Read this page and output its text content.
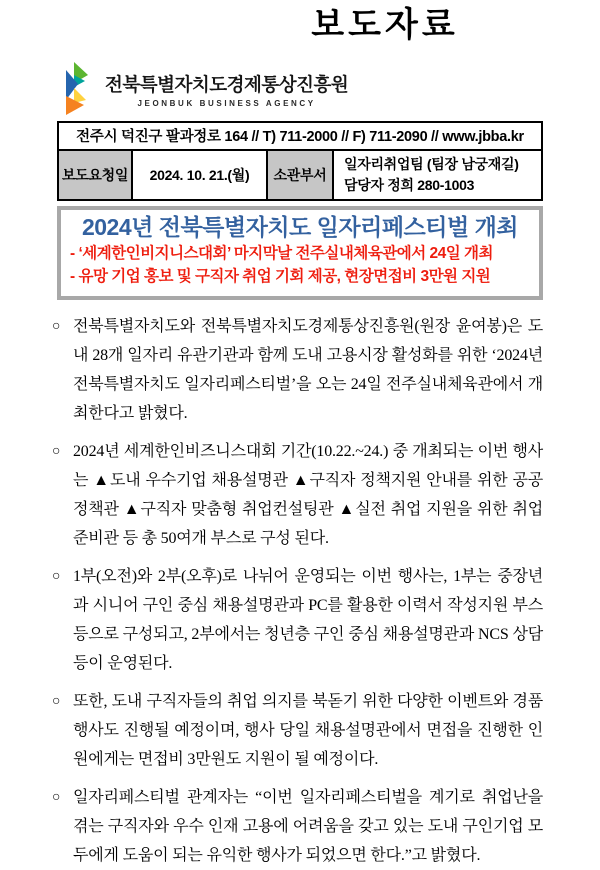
보도자료
전북특별자치도경제통상진흥원
JEONBUK BUSINESS AGENCY
전주시 덕진구 팔과정로 164 // T) 711-2000 // F) 711-2090 // www.jbba.kr
보도요청일	2024. 10. 21.(월)	소관부서
일자리취업팀 (팀장 남궁재길)
담당자 정희 280-1003
2024년 전북특별자치도 일자리페스티벌 개최
- ‘세계한인비지니스대회’ 마지막날 전주실내체육관에서 24일 개최
- 유망 기업 홍보 및 구직자 취업 기회 제공, 현장면접비 3만원 지원
○ 전북특별자치도와 전북특별자치도경제통상진흥원(원장 윤여봉)은 도내 28개 일자리 유관기관과 함께 도내 고용시장 활성화를 위한 ‘2024년 전북특별자치도 일자리페스티벌’을 오는 24일 전주실내체육관에서 개최한다고 밝혔다.
○ 2024년 세계한인비즈니스대회 기간(10.22.~24.) 중 개최되는 이번 행사는 ▲도내 우수기업 채용설명관 ▲구직자 정책지원 안내를 위한 공공정책관 ▲구직자 맞춤형 취업컨설팅관 ▲실전 취업 지원을 위한 취업준비관 등 총 50여개 부스로 구성 된다.
○ 1부(오전)와 2부(오후)로 나뉘어 운영되는 이번 행사는, 1부는 중장년과 시니어 구인 중심 채용설명관과 PC를 활용한 이력서 작성지원 부스 등으로 구성되고, 2부에서는 청년층 구인 중심 채용설명관과 NCS 상담 등이 운영된다.
○ 또한, 도내 구직자들의 취업 의지를 북돋기 위한 다양한 이벤트와 경품행사도 진행될 예정이며, 행사 당일 채용설명관에서 면접을 진행한 인원에게는 면접비 3만원도 지원이 될 예정이다.
○ 일자리페스티벌 관계자는 “이번 일자리페스티벌을 계기로 취업난을 겪는 구직자와 우수 인재 고용에 어려움을 갖고 있는 도내 구인기업 모두에게 도움이 되는 유익한 행사가 되었으면 한다.”고 밝혔다.
